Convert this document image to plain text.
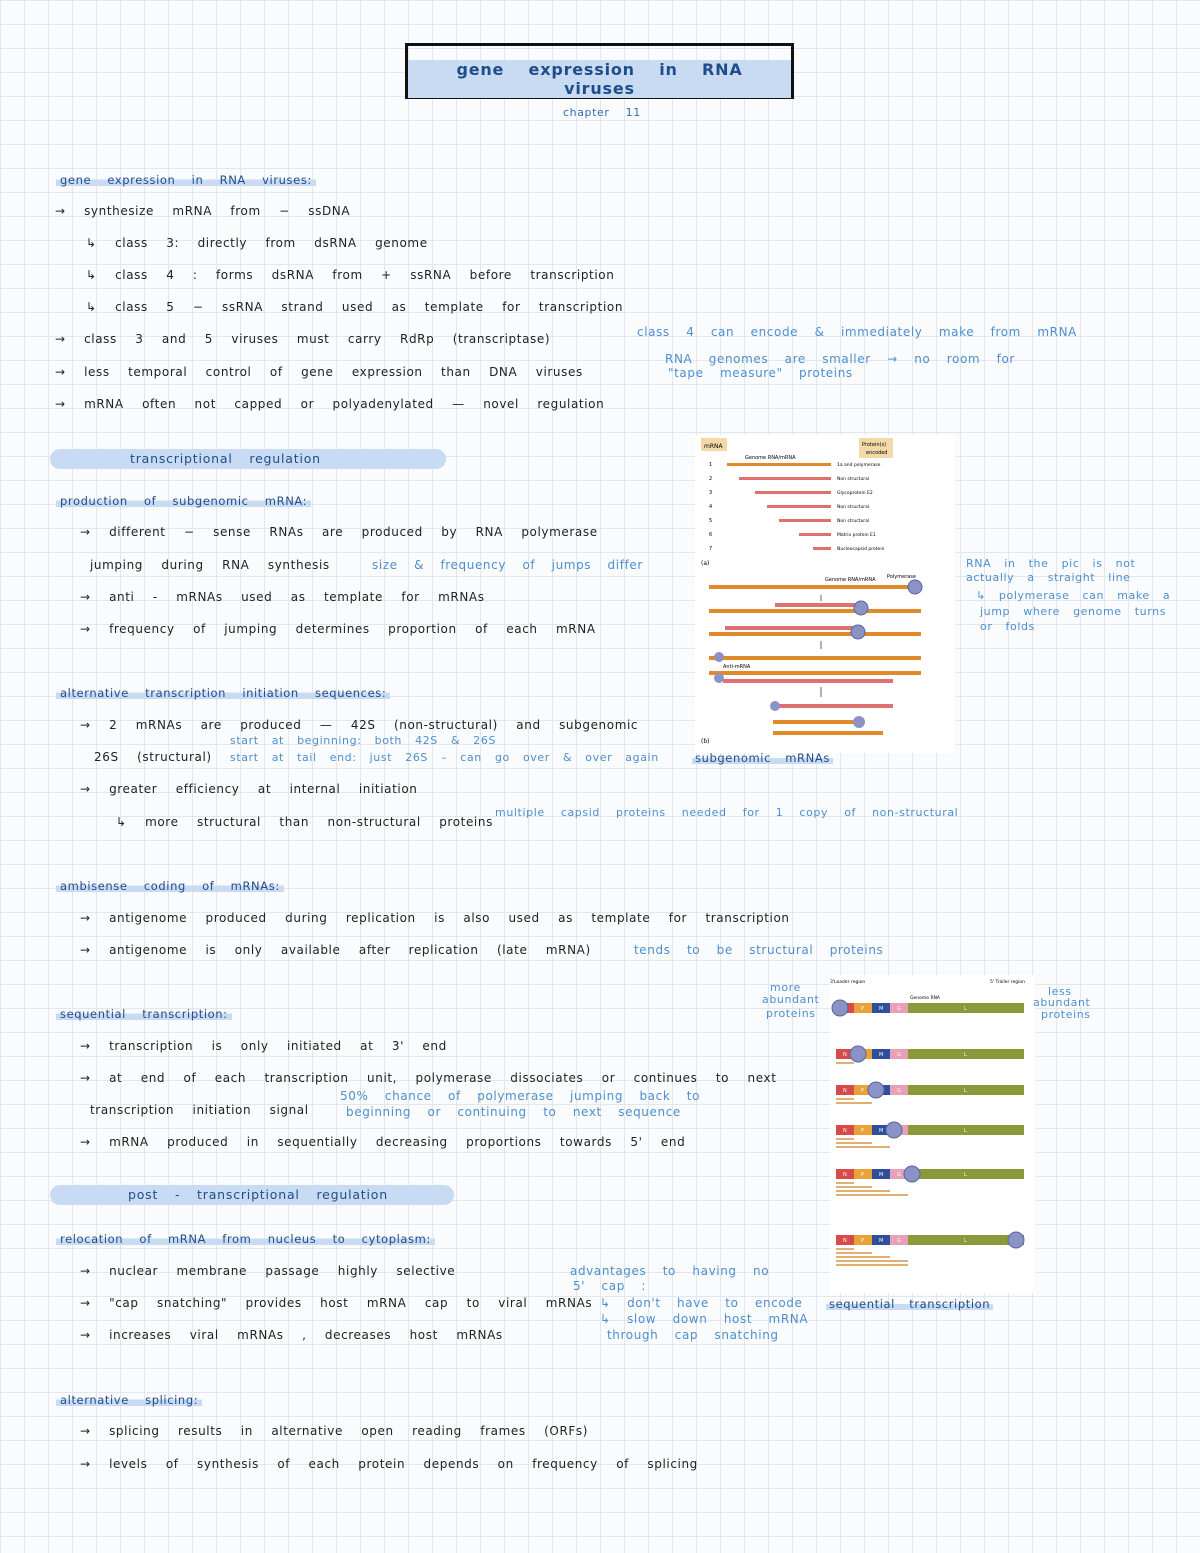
gene expression in RNA viruses
chapter 11
gene expression in RNA viruses:
→ synthesize mRNA from − ssDNA
↳ class 3: directly from dsRNA genome
↳ class 4 : forms dsRNA from + ssRNA before transcription
↳ class 5 − ssRNA strand used as template for transcription
→ class 3 and 5 viruses must carry RdRp (transcriptase)
→ less temporal control of gene expression than DNA viruses
→ mRNA often not capped or polyadenylated — novel regulation
class 4 can encode & immediately make from mRNA
RNA genomes are smaller → no room for
"tape measure" proteins
transcriptional regulation
production of subgenomic mRNA:
→ different − sense RNAs are produced by RNA polymerase
jumping during RNA synthesis	size & frequency of jumps differ
→ anti - mRNAs used as template for mRNAs
→ frequency of jumping determines proportion of each mRNA
mRNA
Genome RNA/mRNA
Protein(s)
encoded
1	1a and polymerase
2	Non structural
3	Glycoprotein E2
4	Non structural
5	Non structural
6	Matrix protein E1
7	Nucleocapsid protein
(a)
Genome RNA/mRNA Polymerase
Anti-mRNA
(b)
subgenomic mRNAs
RNA in the pic is not
actually a straight line
↳ polymerase can make a
jump where genome turns
or folds
alternative transcription initiation sequences:
→ 2 mRNAs are produced — 42S (non-structural) and subgenomic
start at beginning: both 42S & 26S
26S (structural) start at tail end: just 26S – can go over & over again
→ greater efficiency at internal initiation
↳ more structural than non-structural proteins
multiple capsid proteins needed for 1 copy of non-structural
ambisense coding of mRNAs:
→ antigenome produced during replication is also used as template for transcription
→ antigenome is only available after replication (late mRNA)	tends to be structural proteins
sequential transcription:
→ transcription is only initiated at 3' end
→ at end of each transcription unit, polymerase dissociates or continues to next
transcription initiation signal
50% chance of polymerase jumping back to
beginning or continuing to next sequence
→ mRNA produced in sequentially decreasing proportions towards 5' end
3'Leader region	5' Trailer region
Genome RNA
P	M	G	L
N	M	G	L
N	P	G	L
N	P	M	L
N	P	M	G	L
N	P	M	G	L
more
abundant
proteins
less
abundant
proteins
sequential transcription
post - transcriptional regulation
relocation of mRNA from nucleus to cytoplasm:
→ nuclear membrane passage highly selective
→ "cap snatching" provides host mRNA cap to viral mRNAs
→ increases viral mRNAs , decreases host mRNAs
advantages to having no
5' cap :
↳ don't have to encode
↳ slow down host mRNA
through cap snatching
alternative splicing:
→ splicing results in alternative open reading frames (ORFs)
→ levels of synthesis of each protein depends on frequency of splicing
